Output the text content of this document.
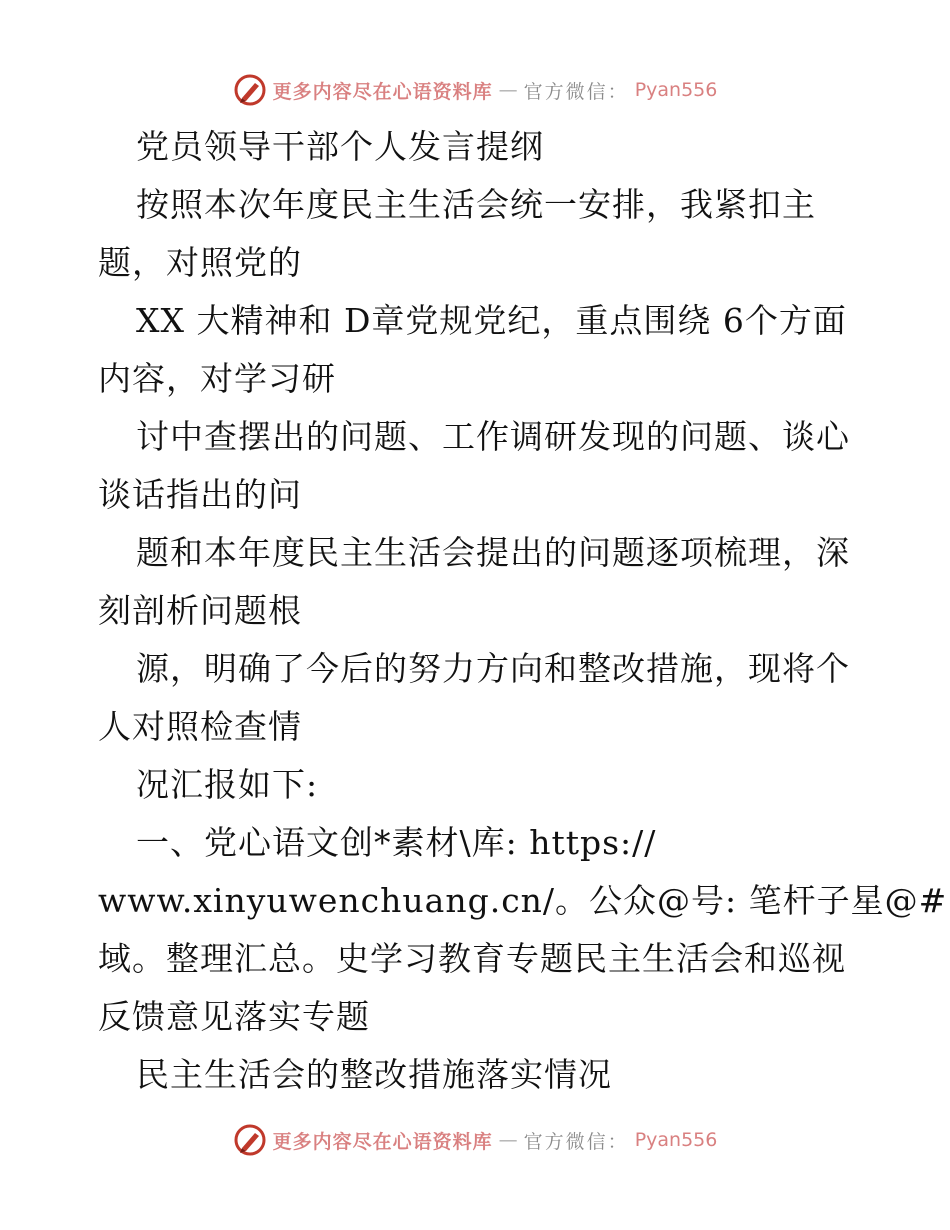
更多内容尽在心语资料库 — 官方微信： Pyan556
党员领导干部个人发言提纲
按照本次年度民主生活会统一安排，我紧扣主
题，对照党的
XX 大精神和 D章党规党纪，重点围绕 6个方面
内容，对学习研
讨中查摆出的问题、工作调研发现的问题、谈心
谈话指出的问
题和本年度民主生活会提出的问题逐项梳理，深
刻剖析问题根
源，明确了今后的努力方向和整改措施，现将个
人对照检查情
况汇报如下:
一、党心语文创*素材\库: https://
www.xinyuwenchuang.cn/。公众@号: 笔杆子星@#
域。整理汇总。史学习教育专题民主生活会和巡视
反馈意见落实专题
民主生活会的整改措施落实情况
更多内容尽在心语资料库 — 官方微信： Pyan556
